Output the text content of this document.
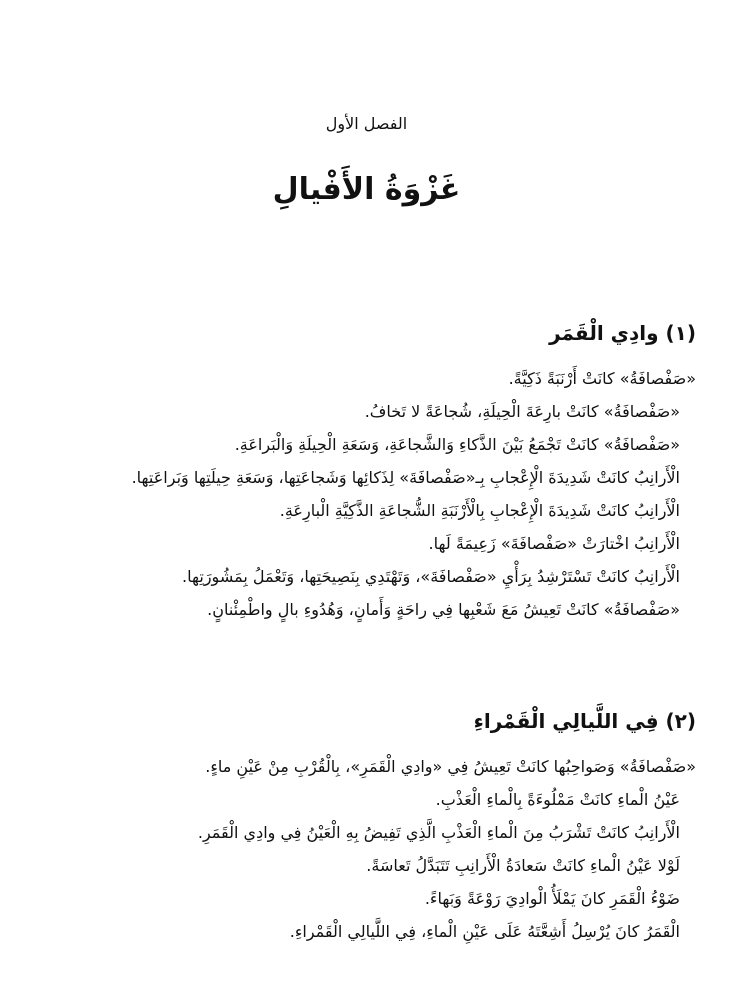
الفصل الأول
غَزْوَةُ الأَفْيالِ
(١) وادِي الْقَمَر

«صَفْصافَةُ» كانَتْ أَرْنَبَةً ذَكِيَّةً.

«صَفْصافَةُ» كانَتْ بارِعَةَ الْحِيلَةِ، شُجاعَةً لا تَخافُ.

«صَفْصافَةُ» كانَتْ تَجْمَعُ بَيْنَ الذَّكاءِ وَالشَّجاعَةِ، وَسَعَةِ الْحِيلَةِ وَالْبَراعَةِ.

الْأَرانِبُ كانَتْ شَدِيدَةَ الْإِعْجابِ بِـ«صَفْصافَةَ» لِذَكائِها وَشَجاعَتِها، وَسَعَةِ حِيلَتِها وَبَراعَتِها.

الْأَرانِبُ كانَتْ شَدِيدَةَ الْإِعْجابِ بِالْأَرْنَبَةِ الشُّجاعَةِ الذَّكِيَّةِ الْبارِعَةِ.

الْأَرانِبُ اخْتارَتْ «صَفْصافَةَ» زَعِيمَةً لَها.

الْأَرانِبُ كانَتْ تَسْتَرْشِدُ بِرَأْيِ «صَفْصافَةَ»، وَتَهْتَدِي بِنَصِيحَتِها، وَتَعْمَلُ بِمَشُورَتِها.

«صَفْصافَةُ» كانَتْ تَعِيشُ مَعَ شَعْبِها فِي راحَةٍ وَأَمانٍ، وَهُدُوءِ بالٍ واطْمِئْنانٍ.

(٢) فِي اللَّيالِي الْقَمْراءِ

«صَفْصافَةُ» وَصَواحِبُها كانَتْ تَعِيشُ فِي «وادِي الْقَمَرِ»، بِالْقُرْبِ مِنْ عَيْنِ ماءٍ.

عَيْنُ الْماءِ كانَتْ مَمْلُوءَةً بِالْماءِ الْعَذْبِ.

الْأَرانِبُ كانَتْ تَشْرَبُ مِنَ الْماءِ الْعَذْبِ الَّذِي تَفِيضُ بِهِ الْعَيْنُ فِي وادِي الْقَمَرِ.

لَوْلا عَيْنُ الْماءِ كانَتْ سَعادَةُ الْأَرانِبِ تَتَبَدَّلُ تَعاسَةً.

ضَوْءُ الْقَمَرِ كانَ يَمْلَأُ الْوادِيَ رَوْعَةً وَبَهاءً.

الْقَمَرُ كانَ يُرْسِلُ أَشِعَّتَهُ عَلَى عَيْنِ الْماءِ، فِي اللَّيالِي الْقَمْراءِ.
